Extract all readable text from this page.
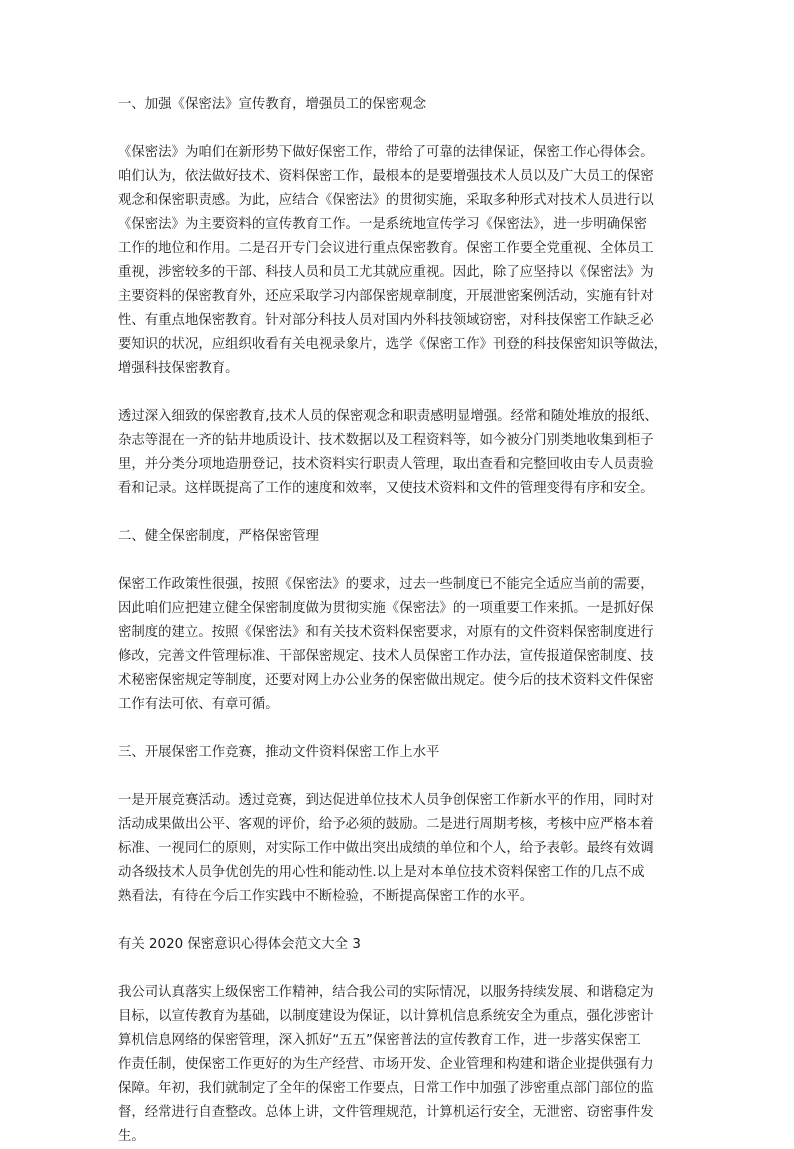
一、加强《保密法》宣传教育，增强员工的保密观念

《保密法》为咱们在新形势下做好保密工作，带给了可靠的法律保证，保密工作心得体会。
咱们认为，依法做好技术、资料保密工作，最根本的是要增强技术人员以及广大员工的保密
观念和保密职责感。为此，应结合《保密法》的贯彻实施，采取多种形式对技术人员进行以
《保密法》为主要资料的宣传教育工作。一是系统地宣传学习《保密法》，进一步明确保密
工作的地位和作用。二是召开专门会议进行重点保密教育。保密工作要全党重视、全体员工
重视，涉密较多的干部、科技人员和员工尤其就应重视。因此，除了应坚持以《保密法》为
主要资料的保密教育外，还应采取学习内部保密规章制度，开展泄密案例活动，实施有针对
性、有重点地保密教育。针对部分科技人员对国内外科技领域窃密，对科技保密工作缺乏必
要知识的状况，应组织收看有关电视录象片，选学《保密工作》刊登的科技保密知识等做法，
增强科技保密教育。

透过深入细致的保密教育,技术人员的保密观念和职责感明显增强。经常和随处堆放的报纸、
杂志等混在一齐的钻井地质设计、技术数据以及工程资料等，如今被分门别类地收集到柜子
里，并分类分项地造册登记，技术资料实行职责人管理，取出查看和完整回收由专人员责验
看和记录。这样既提高了工作的速度和效率，又使技术资料和文件的管理变得有序和安全。

二、健全保密制度，严格保密管理

保密工作政策性很强，按照《保密法》的要求，过去一些制度已不能完全适应当前的需要，
因此咱们应把建立健全保密制度做为贯彻实施《保密法》的一项重要工作来抓。一是抓好保
密制度的建立。按照《保密法》和有关技术资料保密要求，对原有的文件资料保密制度进行
修改，完善文件管理标准、干部保密规定、技术人员保密工作办法，宣传报道保密制度、技
术秘密保密规定等制度，还要对网上办公业务的保密做出规定。使今后的技术资料文件保密
工作有法可依、有章可循。

三、开展保密工作竞赛，推动文件资料保密工作上水平

一是开展竞赛活动。透过竞赛，到达促进单位技术人员争创保密工作新水平的作用，同时对
活动成果做出公平、客观的评价，给予必须的鼓励。二是进行周期考核，考核中应严格本着
标准、一视同仁的原则，对实际工作中做出突出成绩的单位和个人，给予表彰。最终有效调
动各级技术人员争优创先的用心性和能动性.以上是对本单位技术资料保密工作的几点不成
熟看法，有待在今后工作实践中不断检验，不断提高保密工作的水平。

有关 2020 保密意识心得体会范文大全 3

我公司认真落实上级保密工作精神，结合我公司的实际情况，以服务持续发展、和谐稳定为
目标，以宣传教育为基础，以制度建设为保证，以计算机信息系统安全为重点，强化涉密计
算机信息网络的保密管理，深入抓好“五五”保密普法的宣传教育工作，进一步落实保密工
作责任制，使保密工作更好的为生产经营、市场开发、企业管理和构建和谐企业提供强有力
保障。年初，我们就制定了全年的保密工作要点，日常工作中加强了涉密重点部门部位的监
督，经常进行自查整改。总体上讲，文件管理规范，计算机运行安全，无泄密、窃密事件发
生。
